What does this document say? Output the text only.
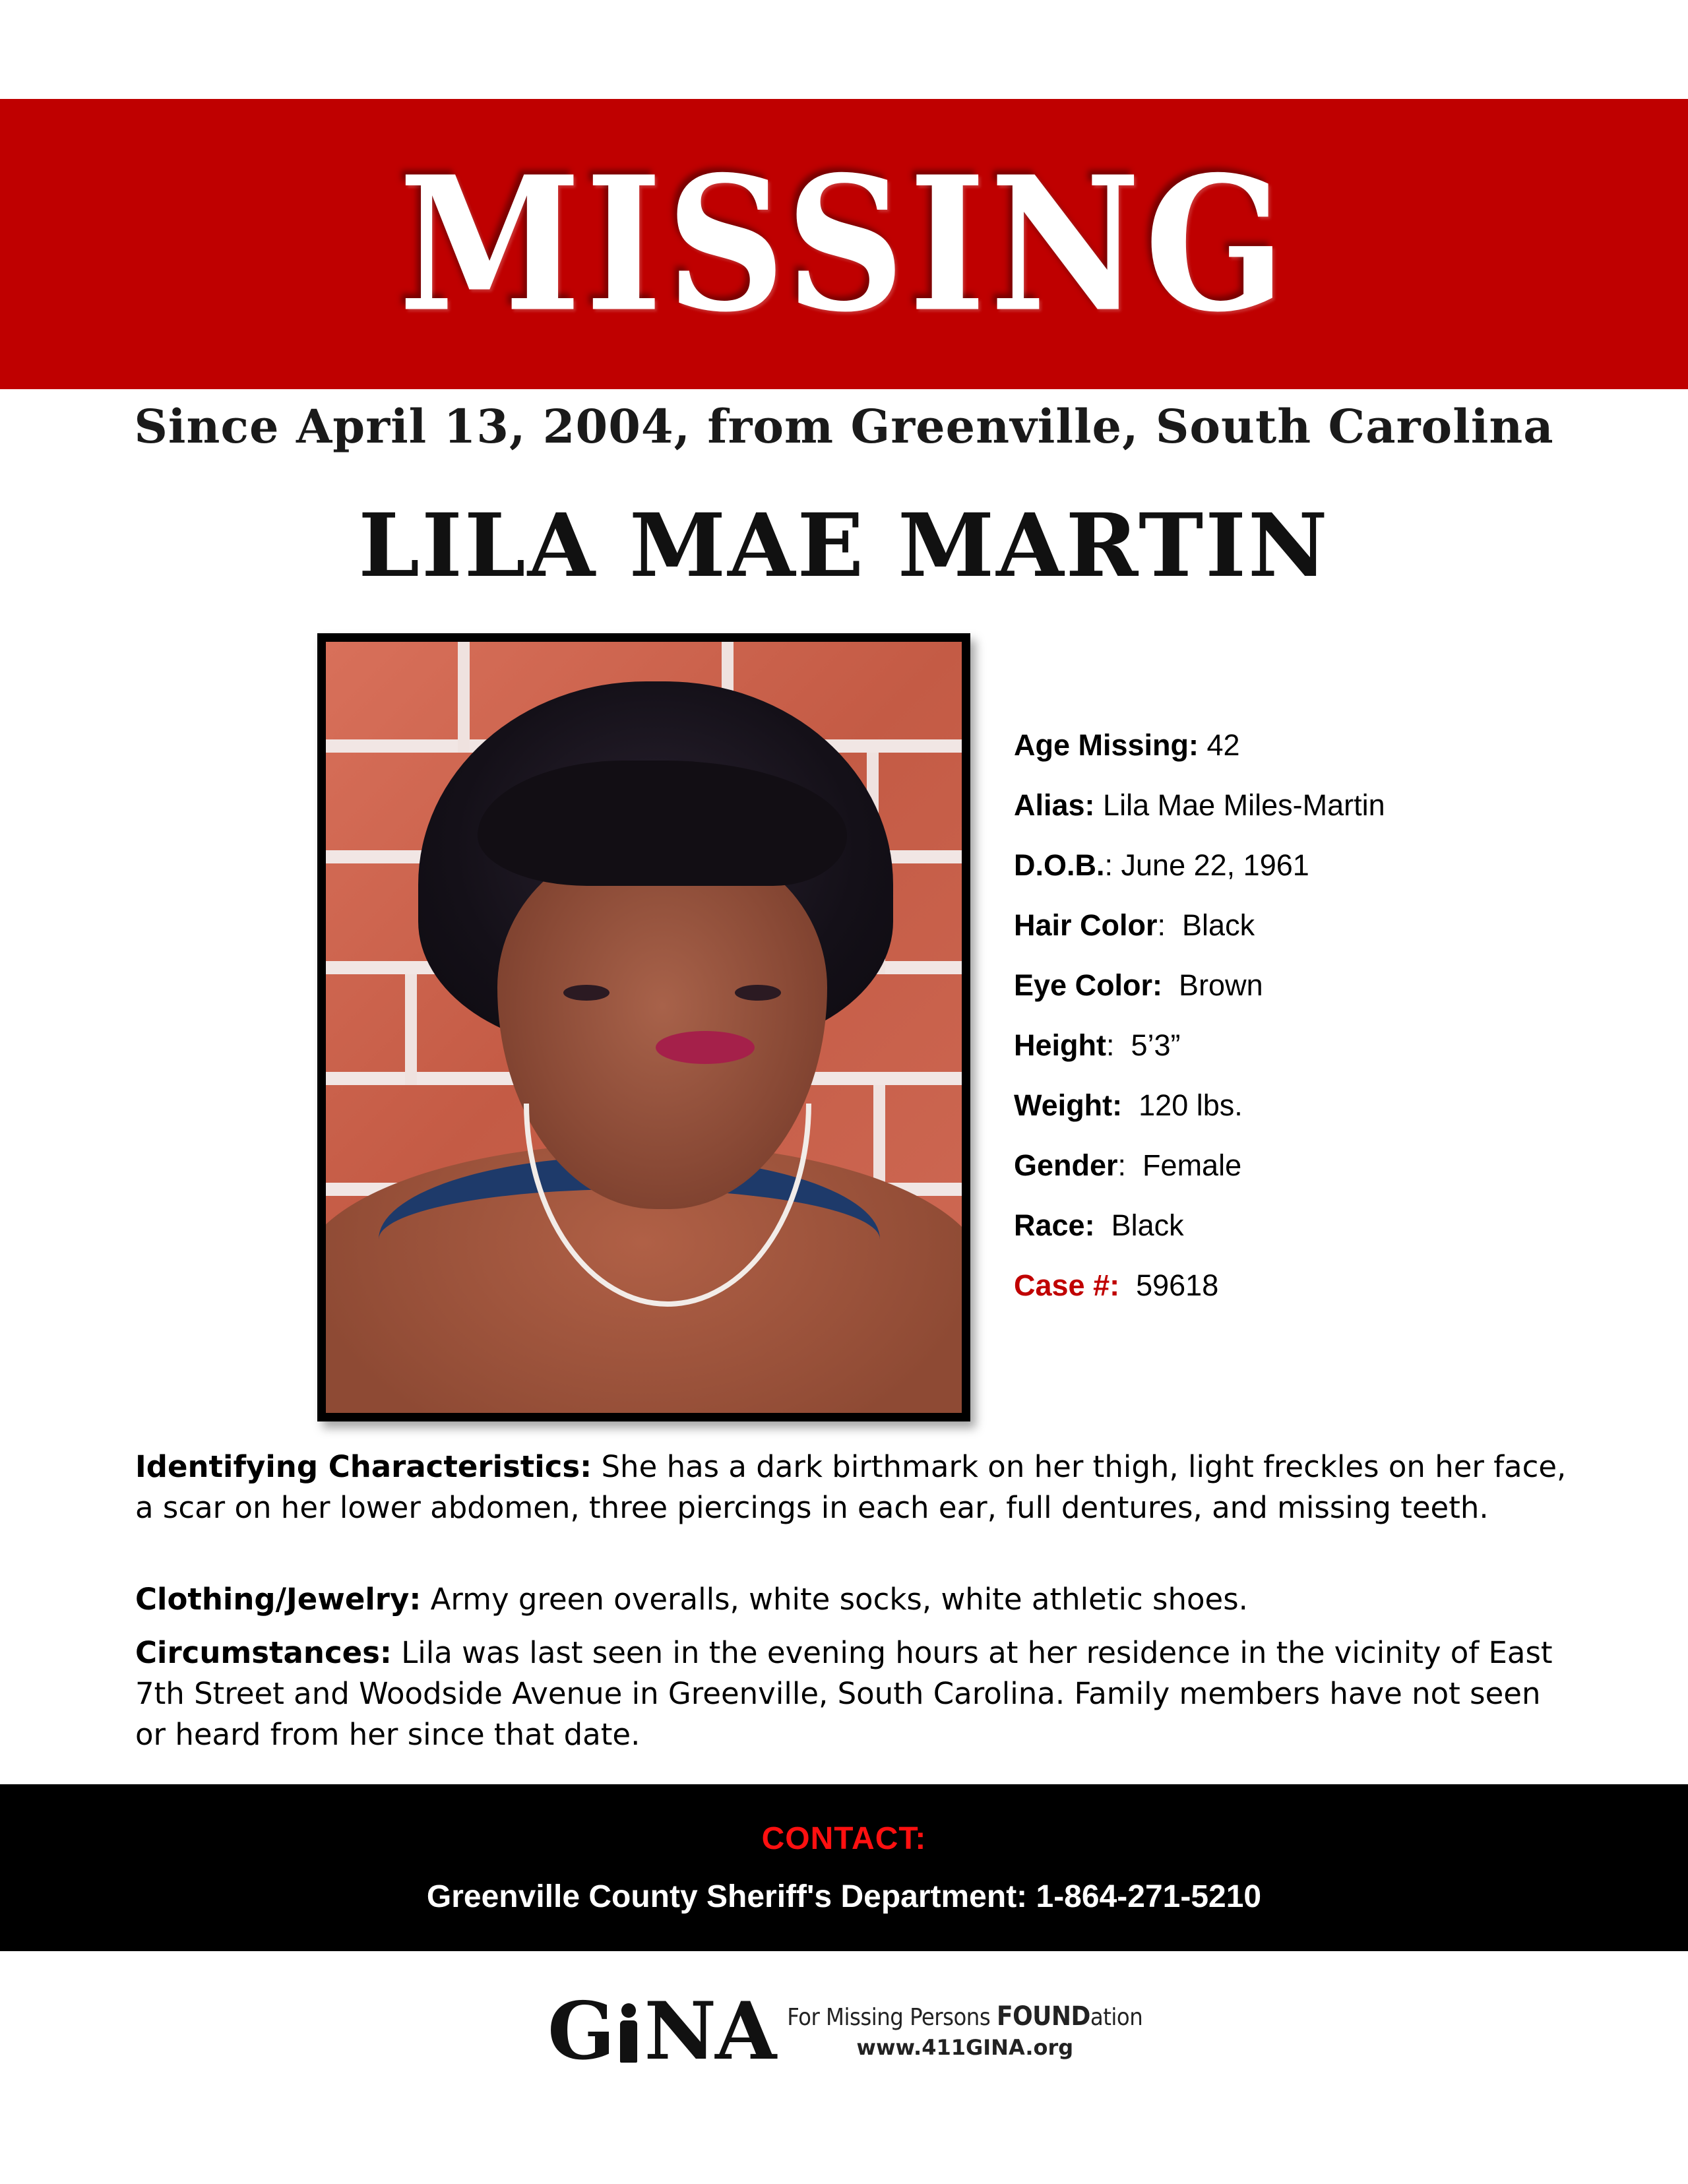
MISSING
Since April 13, 2004, from Greenville, South Carolina
LILA MAE MARTIN
Age Missing: 42
Alias: Lila Mae Miles-Martin
D.O.B.: June 22, 1961
Hair Color:  Black
Eye Color:  Brown
Height:  5’3”
Weight:  120 lbs.
Gender:  Female
Race:  Black
Case #:  59618
Identifying Characteristics: She has a dark birthmark on her thigh, light freckles on her face, a scar on her lower abdomen, three piercings in each ear, full dentures, and missing teeth.
Clothing/Jewelry: Army green overalls, white socks, white athletic shoes.
Circumstances: Lila was last seen in the evening hours at her residence in the vicinity of East 7th Street and Woodside Avenue in Greenville, South Carolina. Family members have not seen or heard from her since that date.
CONTACT:
Greenville County Sheriff's Department: 1-864-271-5210
G NA For Missing Persons FOUNDation
www.411GINA.org
